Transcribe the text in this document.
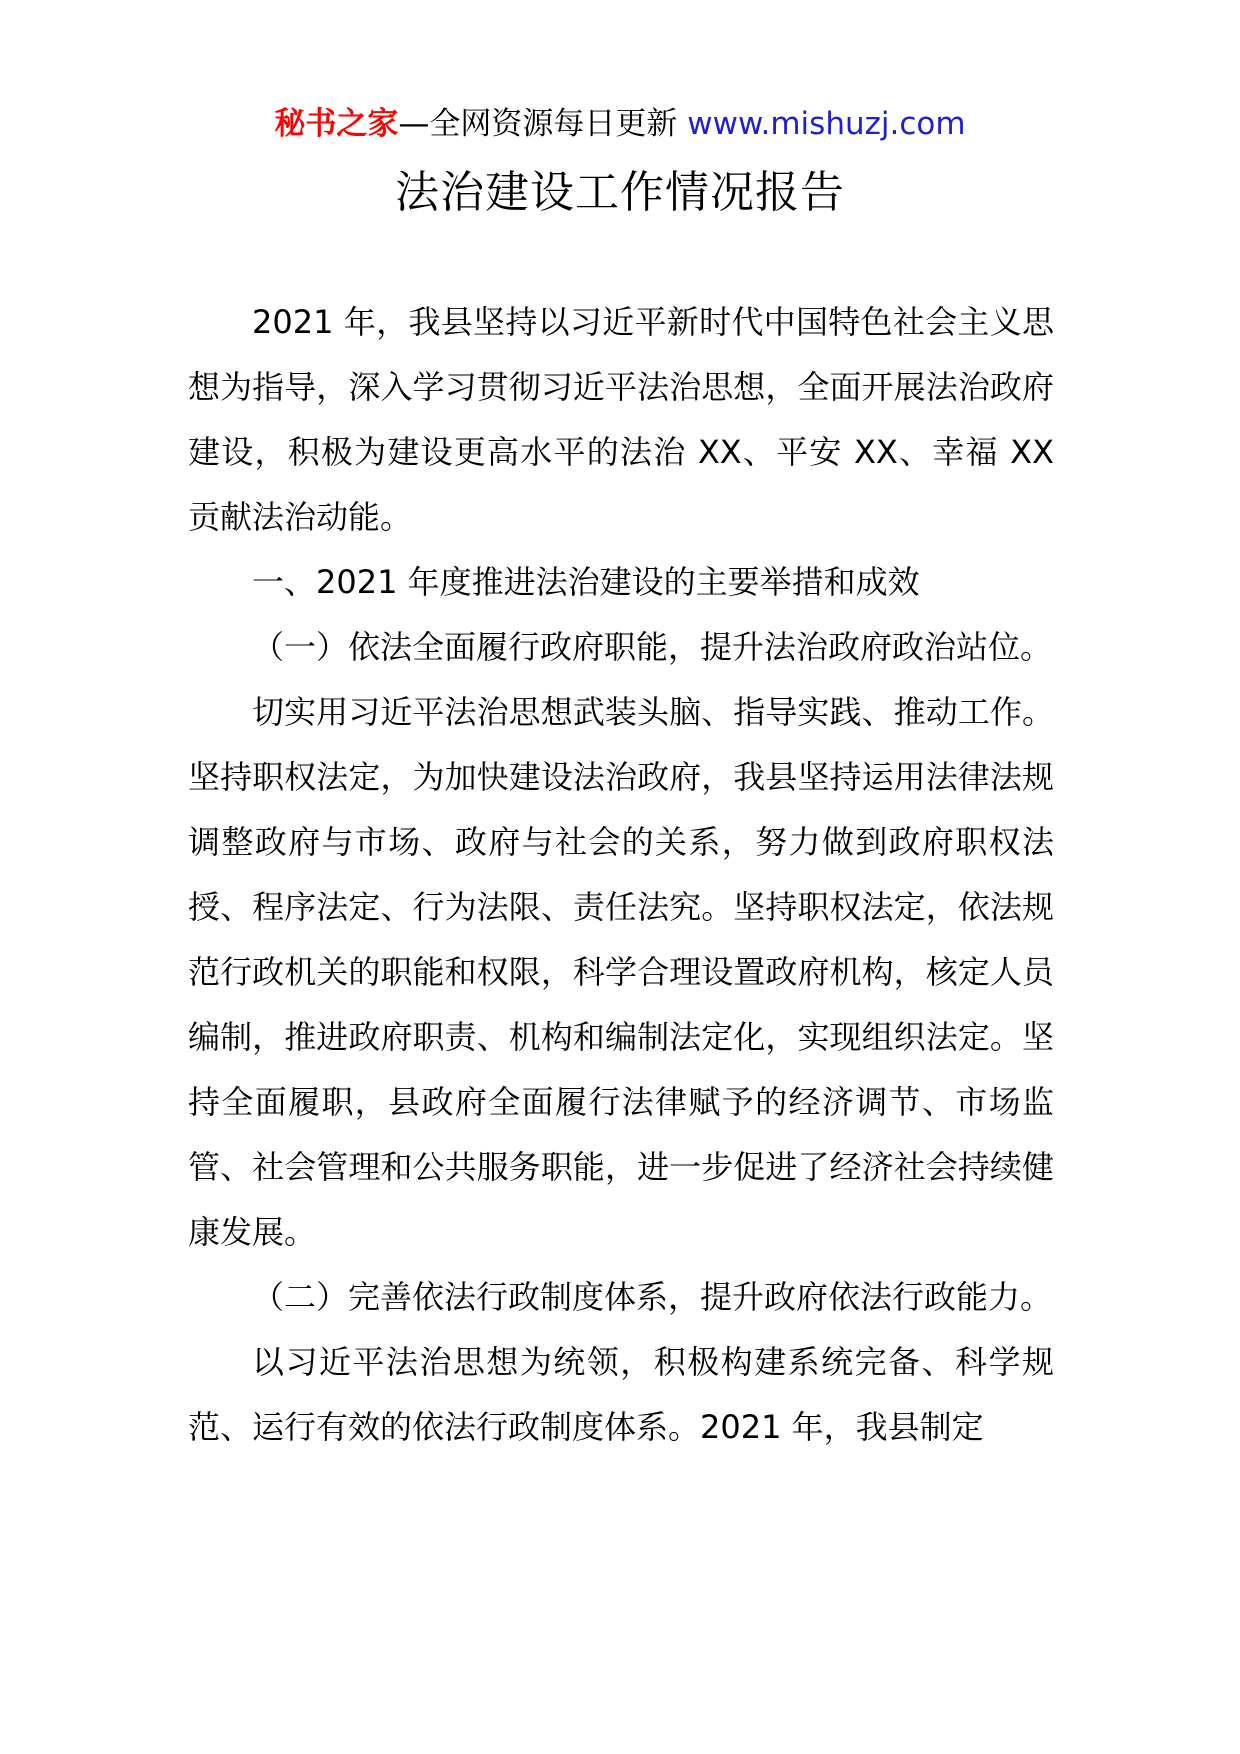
秘书之家—全网资源每日更新 www.mishuzj.com
法治建设工作情况报告

2021 年，我县坚持以习近平新时代中国特色社会主义思想为指导，深入学习贯彻习近平法治思想，全面开展法治政府建设，积极为建设更高水平的法治 XX、平安 XX、幸福 XX 贡献法治动能。

一、2021 年度推进法治建设的主要举措和成效

（一）依法全面履行政府职能，提升法治政府政治站位。

切实用习近平法治思想武装头脑、指导实践、推动工作。坚持职权法定，为加快建设法治政府，我县坚持运用法律法规调整政府与市场、政府与社会的关系，努力做到政府职权法授、程序法定、行为法限、责任法究。坚持职权法定，依法规范行政机关的职能和权限，科学合理设置政府机构，核定人员编制，推进政府职责、机构和编制法定化，实现组织法定。坚持全面履职，县政府全面履行法律赋予的经济调节、市场监管、社会管理和公共服务职能，进一步促进了经济社会持续健康发展。

（二）完善依法行政制度体系，提升政府依法行政能力。

以习近平法治思想为统领，积极构建系统完备、科学规范、运行有效的依法行政制度体系。2021 年，我县制定
